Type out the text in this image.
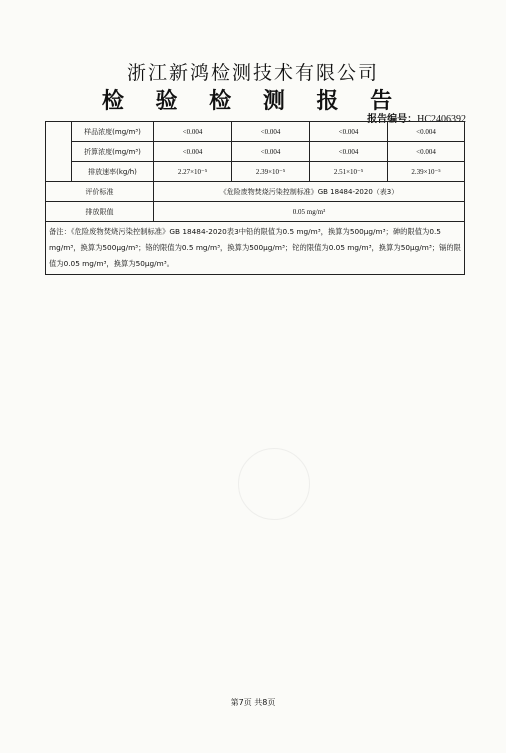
浙江新鸿检测技术有限公司
检 验 检 测 报 告
报告编号：HC2406392
	样品浓度(mg/m³)	<0.004	<0.004	<0.004	<0.004
	折算浓度(mg/m³)	<0.004	<0.004	<0.004	<0.004
	排放速率(kg/h)	2.27×10⁻⁵	2.39×10⁻⁵	2.51×10⁻⁵	2.39×10⁻⁵
评价标准		《危险废物焚烧污染控制标准》GB 18484-2020（表3）			
排放限值		0.05 mg/m³			
备注：《危险废物焚烧污染控制标准》GB 18484-2020表3中铅的限值为0.5 mg/m³，换算为500μg/m³；砷的限值为0.5 mg/m³，换算为500μg/m³；铬的限值为0.5 mg/m³，换算为500μg/m³；铊的限值为0.05 mg/m³，换算为50μg/m³；镉的限值为0.05 mg/m³，换算为50μg/m³。					
第7页 共8页
